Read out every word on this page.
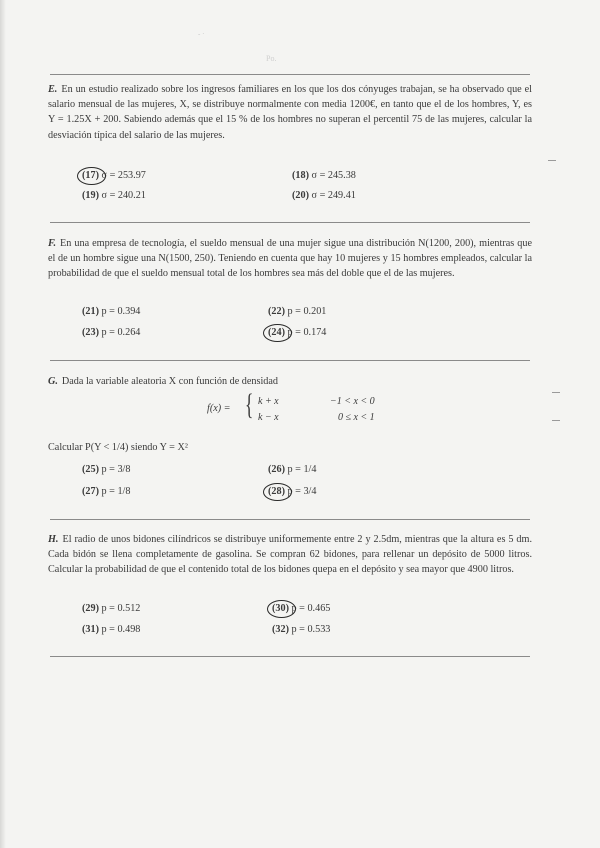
- ·
Po.
E. En un estudio realizado sobre los ingresos familiares en los que los dos cónyuges trabajan, se ha observado que el salario mensual de las mujeres, X, se distribuye normalmente con media 1200€, en tanto que el de los hombres, Y, es Y = 1.25X + 200. Sabiendo además que el 15 % de los hombres no superan el percentil 75 de las mujeres, calcular la desviación típica del salario de las mujeres.
(17) σ = 253.97	(18) σ = 245.38
(19) σ = 240.21	(20) σ = 249.41
F. En una empresa de tecnología, el sueldo mensual de una mujer sigue una distribución N(1200, 200), mientras que el de un hombre sigue una N(1500, 250). Teniendo en cuenta que hay 10 mujeres y 15 hombres empleados, calcular la probabilidad de que el sueldo mensual total de los hombres sea más del doble que el de las mujeres.
(21) p = 0.394	(22) p = 0.201
(23) p = 0.264	(24) p = 0.174
G. Dada la variable aleatoria X con función de densidad
f(x) = { k + x	−1 < x < 0
k − x	0 ≤ x < 1
Calcular P(Y < 1/4) siendo Y = X²
(25) p = 3/8	(26) p = 1/4
(27) p = 1/8	(28) p = 3/4
H. El radio de unos bidones cilíndricos se distribuye uniformemente entre 2 y 2.5dm, mientras que la altura es 5 dm. Cada bidón se llena completamente de gasolina. Se compran 62 bidones, para rellenar un depósito de 5000 litros. Calcular la probabilidad de que el contenido total de los bidones quepa en el depósito y sea mayor que 4900 litros.
(29) p = 0.512	(30) p = 0.465
(31) p = 0.498	(32) p = 0.533
